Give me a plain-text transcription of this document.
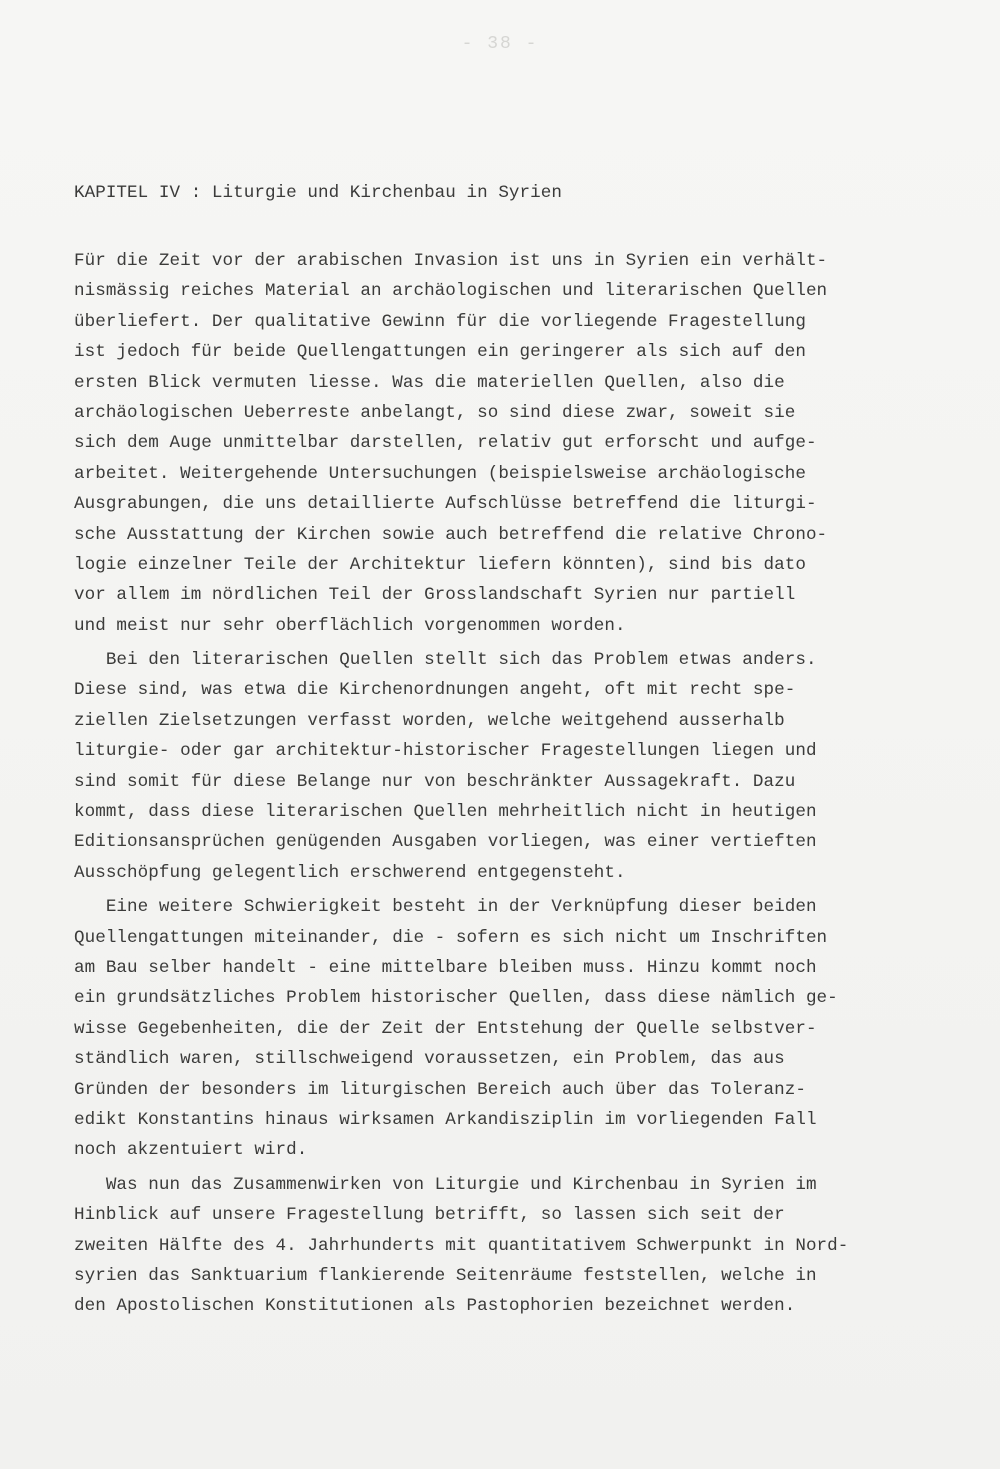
- 38 -
KAPITEL IV : Liturgie und Kirchenbau in Syrien
Für die Zeit vor der arabischen Invasion ist uns in Syrien ein verhält-
nismässig reiches Material an archäologischen und literarischen Quellen
überliefert. Der qualitative Gewinn für die vorliegende Fragestellung
ist jedoch für beide Quellengattungen ein geringerer als sich auf den
ersten Blick vermuten liesse. Was die materiellen Quellen, also die
archäologischen Ueberreste anbelangt, so sind diese zwar, soweit sie
sich dem Auge unmittelbar darstellen, relativ gut erforscht und aufge-
arbeitet. Weitergehende Untersuchungen (beispielsweise archäologische
Ausgrabungen, die uns detaillierte Aufschlüsse betreffend die liturgi-
sche Ausstattung der Kirchen sowie auch betreffend die relative Chrono-
logie einzelner Teile der Architektur liefern könnten), sind bis dato
vor allem im nördlichen Teil der Grosslandschaft Syrien nur partiell
und meist nur sehr oberflächlich vorgenommen worden.
Bei den literarischen Quellen stellt sich das Problem etwas anders.
Diese sind, was etwa die Kirchenordnungen angeht, oft mit recht spe-
ziellen Zielsetzungen verfasst worden, welche weitgehend ausserhalb
liturgie- oder gar architektur-historischer Fragestellungen liegen und
sind somit für diese Belange nur von beschränkter Aussagekraft. Dazu
kommt, dass diese literarischen Quellen mehrheitlich nicht in heutigen
Editionsansprüchen genügenden Ausgaben vorliegen, was einer vertieften
Ausschöpfung gelegentlich erschwerend entgegensteht.
Eine weitere Schwierigkeit besteht in der Verknüpfung dieser beiden
Quellengattungen miteinander, die - sofern es sich nicht um Inschriften
am Bau selber handelt - eine mittelbare bleiben muss. Hinzu kommt noch
ein grundsätzliches Problem historischer Quellen, dass diese nämlich ge-
wisse Gegebenheiten, die der Zeit der Entstehung der Quelle selbstver-
ständlich waren, stillschweigend voraussetzen, ein Problem, das aus
Gründen der besonders im liturgischen Bereich auch über das Toleranz-
edikt Konstantins hinaus wirksamen Arkandisziplin im vorliegenden Fall
noch akzentuiert wird.
Was nun das Zusammenwirken von Liturgie und Kirchenbau in Syrien im
Hinblick auf unsere Fragestellung betrifft, so lassen sich seit der
zweiten Hälfte des 4. Jahrhunderts mit quantitativem Schwerpunkt in Nord-
syrien das Sanktuarium flankierende Seitenräume feststellen, welche in
den Apostolischen Konstitutionen als Pastophorien bezeichnet werden.
